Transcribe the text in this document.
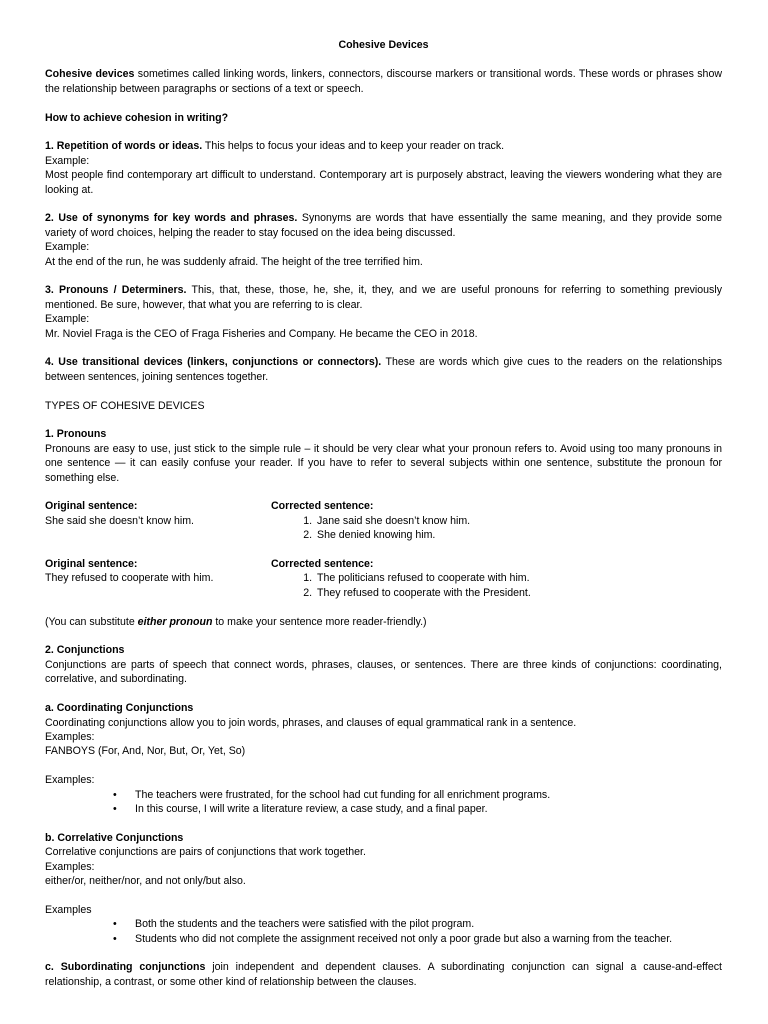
Cohesive Devices

Cohesive devices sometimes called linking words, linkers, connectors, discourse markers or transitional words. These words or phrases show the relationship between paragraphs or sections of a text or speech.

How to achieve cohesion in writing?

1. Repetition of words or ideas. This helps to focus your ideas and to keep your reader on track.

Example:

Most people find contemporary art difficult to understand. Contemporary art is purposely abstract, leaving the viewers wondering what they are looking at.

2. Use of synonyms for key words and phrases. Synonyms are words that have essentially the same meaning, and they provide some variety of word choices, helping the reader to stay focused on the idea being discussed.

Example:

At the end of the run, he was suddenly afraid. The height of the tree terrified him.

3. Pronouns / Determiners. This, that, these, those, he, she, it, they, and we are useful pronouns for referring to something previously mentioned. Be sure, however, that what you are referring to is clear.

Example:

Mr. Noviel Fraga is the CEO of Fraga Fisheries and Company. He became the CEO in 2018.

4. Use transitional devices (linkers, conjunctions or connectors). These are words which give cues to the readers on the relationships between sentences, joining sentences together.

TYPES OF COHESIVE DEVICES

1. Pronouns

Pronouns are easy to use, just stick to the simple rule – it should be very clear what your pronoun refers to. Avoid using too many pronouns in one sentence — it can easily confuse your reader. If you have to refer to several subjects within one sentence, substitute the pronoun for something else.

Original sentence:

She said she doesn’t know him.

Corrected sentence:

1. Jane said she doesn’t know him.
2. She denied knowing him.

Original sentence:

They refused to cooperate with him.

Corrected sentence:

1. The politicians refused to cooperate with him.
2. They refused to cooperate with the President.

(You can substitute either pronoun to make your sentence more reader-friendly.)

2. Conjunctions

Conjunctions are parts of speech that connect words, phrases, clauses, or sentences. There are three kinds of conjunctions: coordinating, correlative, and subordinating.

a. Coordinating Conjunctions

Coordinating conjunctions allow you to join words, phrases, and clauses of equal grammatical rank in a sentence.

Examples:

FANBOYS (For, And, Nor, But, Or, Yet, So)

Examples:

• The teachers were frustrated, for the school had cut funding for all enrichment programs.
• In this course, I will write a literature review, a case study, and a final paper.

b. Correlative Conjunctions

Correlative conjunctions are pairs of conjunctions that work together.

Examples:

either/or, neither/nor, and not only/but also.

Examples

• Both the students and the teachers were satisfied with the pilot program.
• Students who did not complete the assignment received not only a poor grade but also a warning from the teacher.

c. Subordinating conjunctions join independent and dependent clauses. A subordinating conjunction can signal a cause-and-effect relationship, a contrast, or some other kind of relationship between the clauses.
